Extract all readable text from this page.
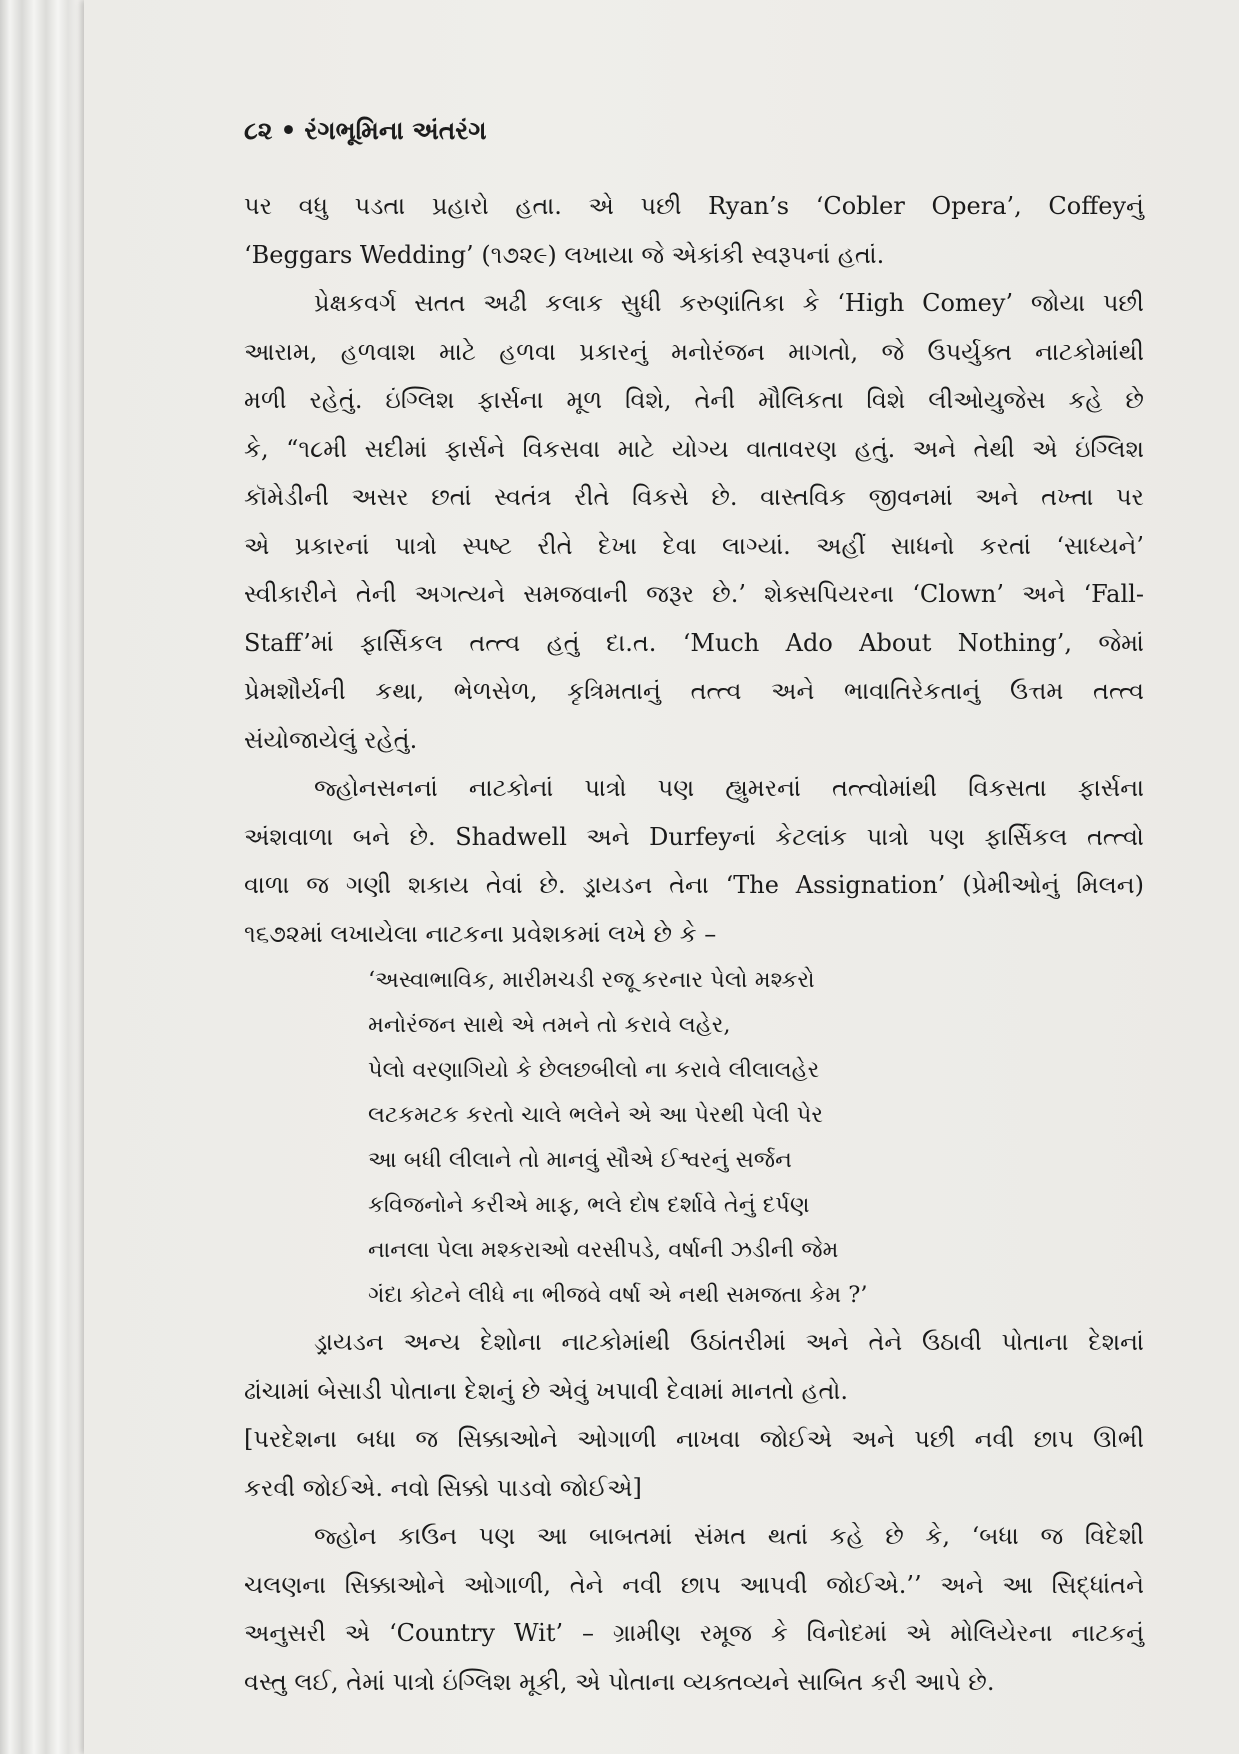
૮૨ • રંગભૂમિના અંતરંગ
પર વધુ પડતા પ્રહારો હતા. એ પછી Ryan’s ‘Cobler Opera’, Coffeyનું
‘Beggars Wedding’ (૧૭૨૯) લખાયા જે એકાંકી સ્વરૂપનાં હતાં.
પ્રેક્ષકવર્ગ સતત અઢી કલાક સુધી કરુણાંતિકા કે ‘High Comey’ જોયા પછી
આરામ, હળવાશ માટે હળવા પ્રકારનું મનોરંજન માગતો, જે ઉપર્યુક્ત નાટકોમાંથી
મળી રહેતું. ઇંગ્લિશ ફાર્સના મૂળ વિશે, તેની મૌલિકતા વિશે લીઓયુજેસ કહે છે
કે, “૧૮મી સદીમાં ફાર્સને વિકસવા માટે યોગ્ય વાતાવરણ હતું. અને તેથી એ ઇંગ્લિશ
કૉમેડીની અસર છતાં સ્વતંત્ર રીતે વિકસે છે. વાસ્તવિક જીવનમાં અને તખ્તા પર
એ પ્રકારનાં પાત્રો સ્પષ્ટ રીતે દેખા દેવા લાગ્યાં. અહીં સાધનો કરતાં ‘સાધ્યને’
સ્વીકારીને તેની અગત્યને સમજવાની જરૂર છે.’ શેક્સપિયરના ‘Clown’ અને ‘Fall-
Staff’માં ફાર્સિકલ તત્ત્વ હતું દા.ત. ‘Much Ado About Nothing’, જેમાં
પ્રેમશૌર્યની કથા, ભેળસેળ, કૃત્રિમતાનું તત્ત્વ અને ભાવાતિરેકતાનું ઉત્તમ તત્ત્વ
સંયોજાયેલું રહેતું.
જ્હોનસનનાં નાટકોનાં પાત્રો પણ હ્યુમરનાં તત્ત્વોમાંથી વિકસતા ફાર્સના
અંશવાળા બને છે. Shadwell અને Durfeyનાં કેટલાંક પાત્રો પણ ફાર્સિકલ તત્ત્વો
વાળા જ ગણી શકાય તેવાં છે. ડ્રાયડન તેના ‘The Assignation’ (પ્રેમીઓનું મિલન)
૧૬૭૨માં લખાયેલા નાટકના પ્રવેશકમાં લખે છે કે –
‘અસ્વાભાવિક, મારીમચડી રજૂ કરનાર પેલો મશ્કરો
મનોરંજન સાથે એ તમને તો કરાવે લહેર,
પેલો વરણાગિયો કે છેલછબીલો ના કરાવે લીલાલહેર
લટકમટક કરતો ચાલે ભલેને એ આ પેરથી પેલી પેર
આ બધી લીલાને તો માનવું સૌએ ઈશ્વરનું સર્જન
કવિજનોને કરીએ માફ, ભલે દોષ દર્શાવે તેનું દર્પણ
નાનલા પેલા મશ્કરાઓ વરસીપડે, વર્ષાની ઝડીની જેમ
ગંદા કોટને લીધે ના ભીજવે વર્ષા એ નથી સમજતા કેમ ?’
ડ્રાયડન અન્ય દેશોના નાટકોમાંથી ઉઠાંતરીમાં અને તેને ઉઠાવી પોતાના દેશનાં
ઢાંચામાં બેસાડી પોતાના દેશનું છે એવું ખપાવી દેવામાં માનતો હતો.
[પરદેશના બધા જ સિક્કાઓને ઓગાળી નાખવા જોઈએ અને પછી નવી છાપ ઊભી
કરવી જોઈએ. નવો સિક્કો પાડવો જોઈએ]
જ્હોન કાઉન પણ આ બાબતમાં સંમત થતાં કહે છે કે, ‘બધા જ વિદેશી
ચલણના સિક્કાઓને ઓગાળી, તેને નવી છાપ આપવી જોઈએ.’’ અને આ સિદ્ધાંતને
અનુસરી એ ‘Country Wit’ – ગ્રામીણ રમૂજ કે વિનોદમાં એ મોલિયેરના નાટકનું
વસ્તુ લઈ, તેમાં પાત્રો ઇંગ્લિશ મૂકી, એ પોતાના વ્યક્તવ્યને સાબિત કરી આપે છે.
